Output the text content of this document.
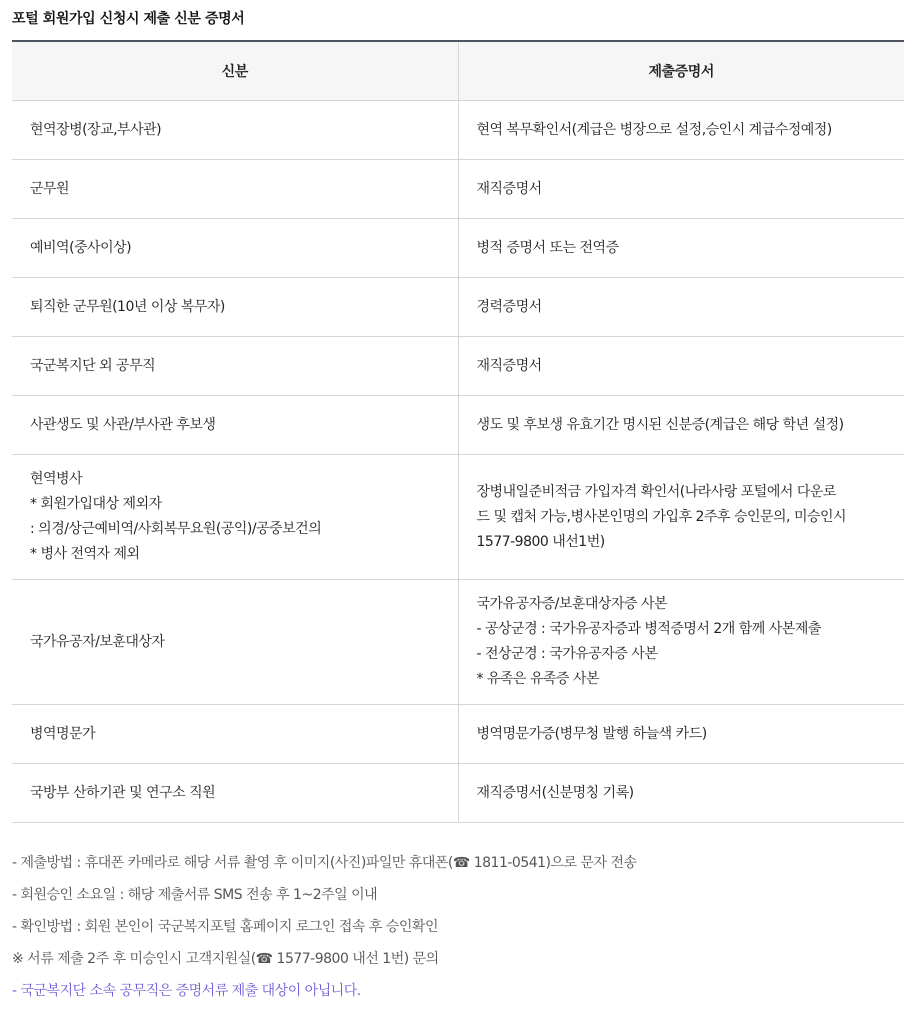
포털 회원가입 신청시 제출 신분 증명서
신분	제출증명서

현역장병(장교,부사관)	현역 복무확인서(계급은 병장으로 설정,승인시 계급수정예정)

군무원	재직증명서

예비역(중사이상)	병적 증명서 또는 전역증

퇴직한 군무원(10년 이상 복무자)	경력증명서

국군복지단 외 공무직	재직증명서

사관생도 및 사관/부사관 후보생	생도 및 후보생 유효기간 명시된 신분증(계급은 해당 학년 설정)

현역병사
* 회원가입대상 제외자
: 의경/상근예비역/사회복무요원(공익)/공중보건의
* 병사 전역자 제외	장병내일준비적금 가입자격 확인서(나라사랑 포털에서 다운로
드 및 캡처 가능,병사본인명의 가입후 2주후 승인문의, 미승인시
1577-9800 내선1번)

국가유공자/보훈대상자	국가유공자증/보훈대상자증 사본
- 공상군경 : 국가유공자증과 병적증명서 2개 함께 사본제출
- 전상군경 : 국가유공자증 사본
* 유족은 유족증 사본

병역명문가	병역명문가증(병무청 발행 하늘색 카드)

국방부 산하기관 및 연구소 직원	재직증명서(신분명칭 기록)
- 제출방법 : 휴대폰 카메라로 해당 서류 촬영 후 이미지(사진)파일만 휴대폰(☎ 1811-0541)으로 문자 전송
- 회원승인 소요일 : 해당 제출서류 SMS 전송 후 1~2주일 이내
- 확인방법 : 회원 본인이 국군복지포털 홈페이지 로그인 접속 후 승인확인
※ 서류 제출 2주 후 미승인시 고객지원실(☎ 1577-9800 내선 1번) 문의
- 국군복지단 소속 공무직은 증명서류 제출 대상이 아닙니다.
